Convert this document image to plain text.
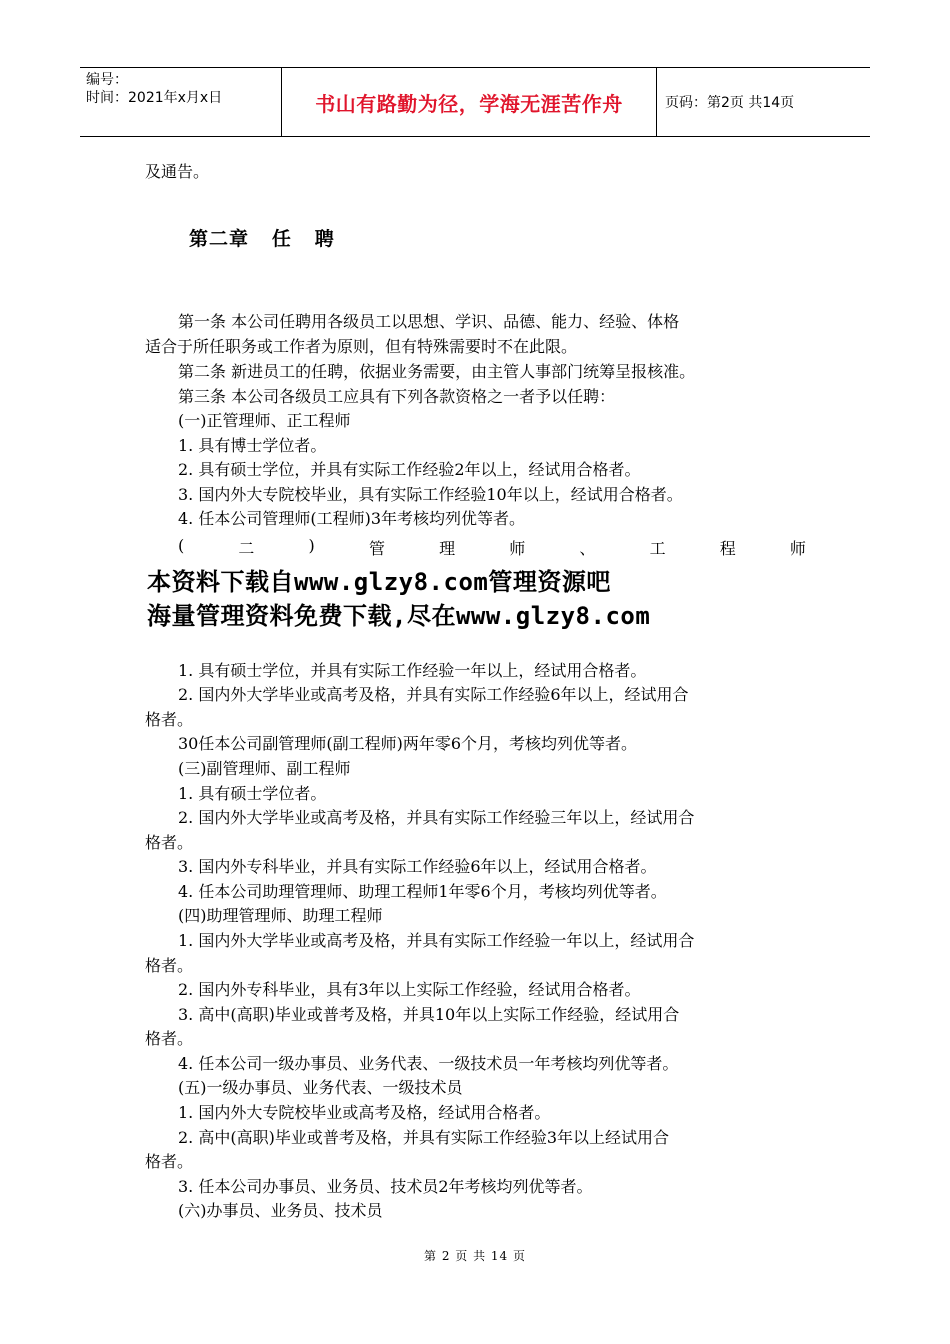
编号：
时间：2021年x月x日	书山有路勤为径，学海无涯苦作舟	页码：第2页 共14页
及通告。
第二章   任   聘
第一条 本公司任聘用各级员工以思想、学识、品德、能力、经验、体格
适合于所任职务或工作者为原则，但有特殊需要时不在此限。
第二条 新进员工的任聘，依据业务需要，由主管人事部门统筹呈报核准。
第三条 本公司各级员工应具有下列各款资格之一者予以任聘：
(一)正管理师、正工程师
1. 具有博士学位者。
2. 具有硕士学位，并具有实际工作经验2年以上，经试用合格者。
3. 国内外大专院校毕业，具有实际工作经验10年以上，经试用合格者。
4. 任本公司管理师(工程师)3年考核均列优等者。
(	二	)	管	理	师	、	工	程	师
本资料下载自www.glzy8.com管理资源吧
海量管理资料免费下载,尽在www.glzy8.com
1. 具有硕士学位，并具有实际工作经验一年以上，经试用合格者。
2. 国内外大学毕业或高考及格，并具有实际工作经验6年以上，经试用合
格者。
30任本公司副管理师(副工程师)两年零6个月，考核均列优等者。
(三)副管理师、副工程师
1. 具有硕士学位者。
2. 国内外大学毕业或高考及格，并具有实际工作经验三年以上，经试用合
格者。
3. 国内外专科毕业，并具有实际工作经验6年以上，经试用合格者。
4. 任本公司助理管理师、助理工程师1年零6个月，考核均列优等者。
(四)助理管理师、助理工程师
1. 国内外大学毕业或高考及格，并具有实际工作经验一年以上，经试用合
格者。
2. 国内外专科毕业，具有3年以上实际工作经验，经试用合格者。
3. 高中(高职)毕业或普考及格，并具10年以上实际工作经验，经试用合
格者。
4. 任本公司一级办事员、业务代表、一级技术员一年考核均列优等者。
(五)一级办事员、业务代表、一级技术员
1. 国内外大专院校毕业或高考及格，经试用合格者。
2. 高中(高职)毕业或普考及格，并具有实际工作经验3年以上经试用合
格者。
3. 任本公司办事员、业务员、技术员2年考核均列优等者。
(六)办事员、业务员、技术员
第 2 页 共 14 页
